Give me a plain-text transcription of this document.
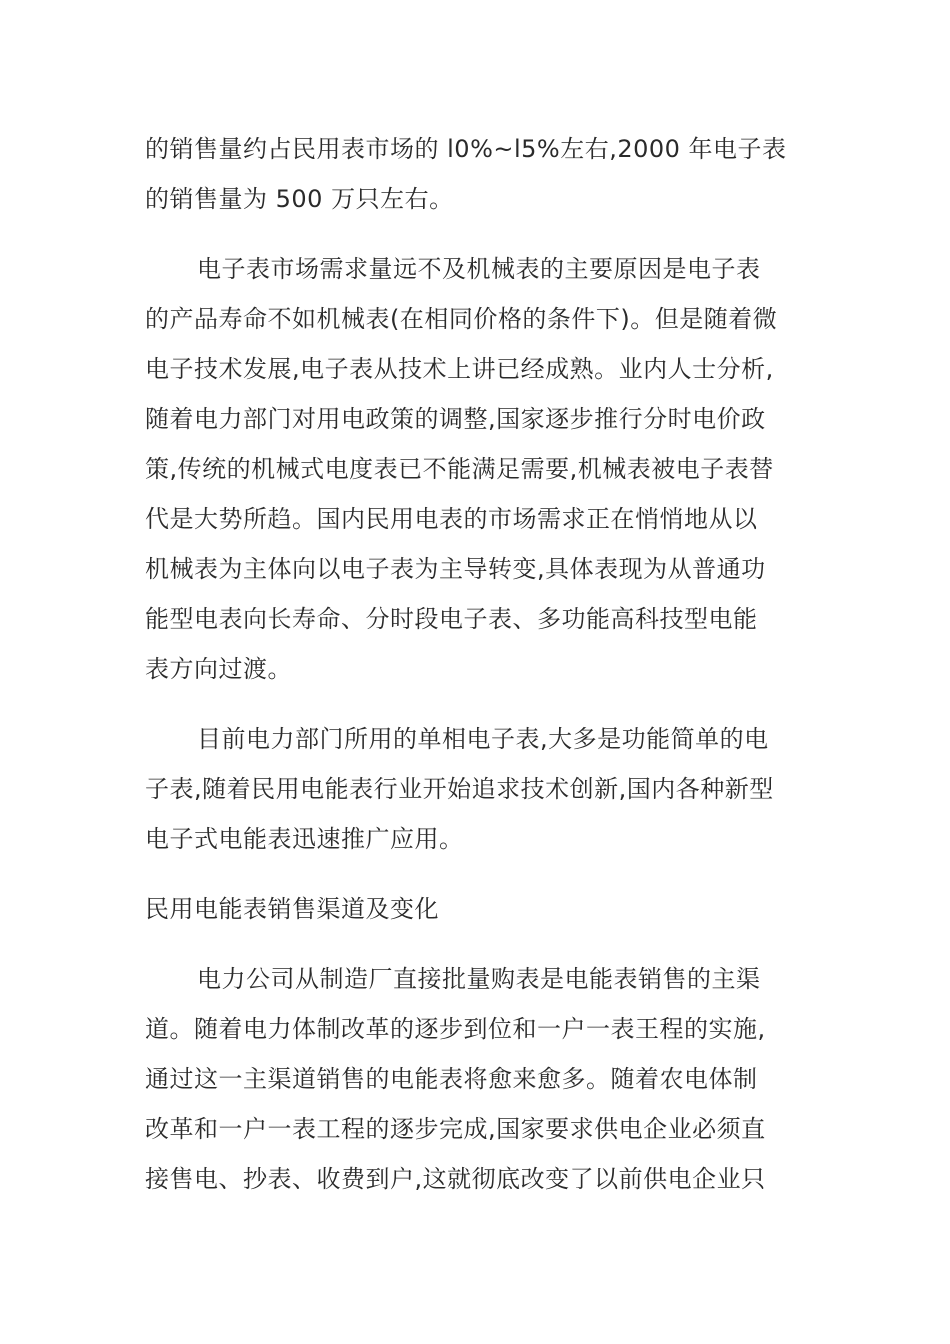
的销售量约占民用表市场的 l0%~l5%左右,2000 年电子表
的销售量为 500 万只左右。
电子表市场需求量远不及机械表的主要原因是电子表
的产品寿命不如机械表(在相同价格的条件下)。但是随着微
电子技术发展,电子表从技术上讲已经成熟。业内人士分析,
随着电力部门对用电政策的调整,国家逐步推行分时电价政
策,传统的机械式电度表已不能满足需要,机械表被电子表替
代是大势所趋。国内民用电表的市场需求正在悄悄地从以
机械表为主体向以电子表为主导转变,具体表现为从普通功
能型电表向长寿命、分时段电子表、多功能高科技型电能
表方向过渡。
目前电力部门所用的单相电子表,大多是功能简单的电
子表,随着民用电能表行业开始追求技术创新,国内各种新型
电子式电能表迅速推广应用。
民用电能表销售渠道及变化
电力公司从制造厂直接批量购表是电能表销售的主渠
道。随着电力体制改革的逐步到位和一户一表王程的实施,
通过这一主渠道销售的电能表将愈来愈多。随着农电体制
改革和一户一表工程的逐步完成,国家要求供电企业必须直
接售电、抄表、收费到户,这就彻底改变了以前供电企业只
